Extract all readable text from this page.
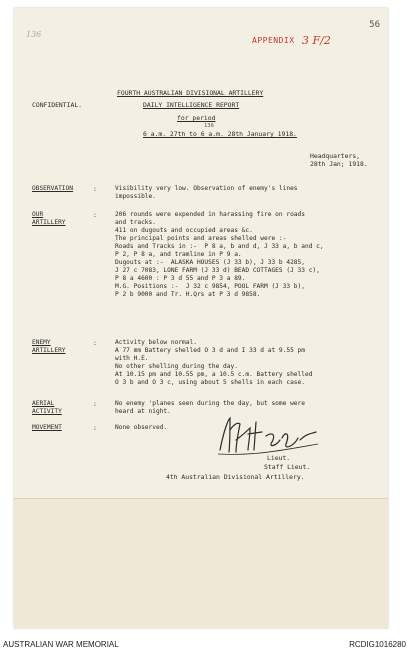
136
56
APPENDIX 3 F/2
FOURTH AUSTRALIAN DIVISIONAL ARTILLERY
CONFIDENTIAL.	DAILY INTELLIGENCE REPORT
for period
136
6 a.m. 27th to 6 a.m. 28th January 1918.
Headquarters,
28th Jan; 1918.
OBSERVATION	:	Visibility very low. Observation of enemy's lines
impossible.
OUR
ARTILLERY
:	206 rounds were expended in harassing fire on roads
and tracks.
411 on dugouts and occupied areas &c.
The principal points and areas shelled were :-
Roads and Tracks in :-  P 8 a, b and d, J 33 a, b and c,
P 2, P 8 a, and tramline in P 9 a.
Dugouts at :-  ALASKA HOUSES (J 33 b), J 33 b 4285,
J 27 c 7083, LONE FARM (J 33 d) BEAD COTTAGES (J 33 c),
P 8 a 4600 : P 3 d 55 and P 3 a 89.
M.G. Positions :-  J 32 c 9854, POOL FARM (J 33 b),
P 2 b 9000 and Tr. H.Qrs at P 3 d 9858.
ENEMY
ARTILLERY
:	Activity below normal.
A 77 mm Battery shelled O 3 d and I 33 d at 9.55 pm
with H.E.
No other shelling during the day.
At 10.15 pm and 10.55 pm, a 10.5 c.m. Battery shelled
O 3 b and O 3 c, using about 5 shells in each case.
AERIAL
ACTIVITY
:	No enemy 'planes seen during the day, but some were
heard at night.
MOVEMENT	:	None observed.
Lieut.
Staff Lieut.
4th Australian Divisional Artillery.
AUSTRALIAN WAR MEMORIAL	RCDIG1016280
